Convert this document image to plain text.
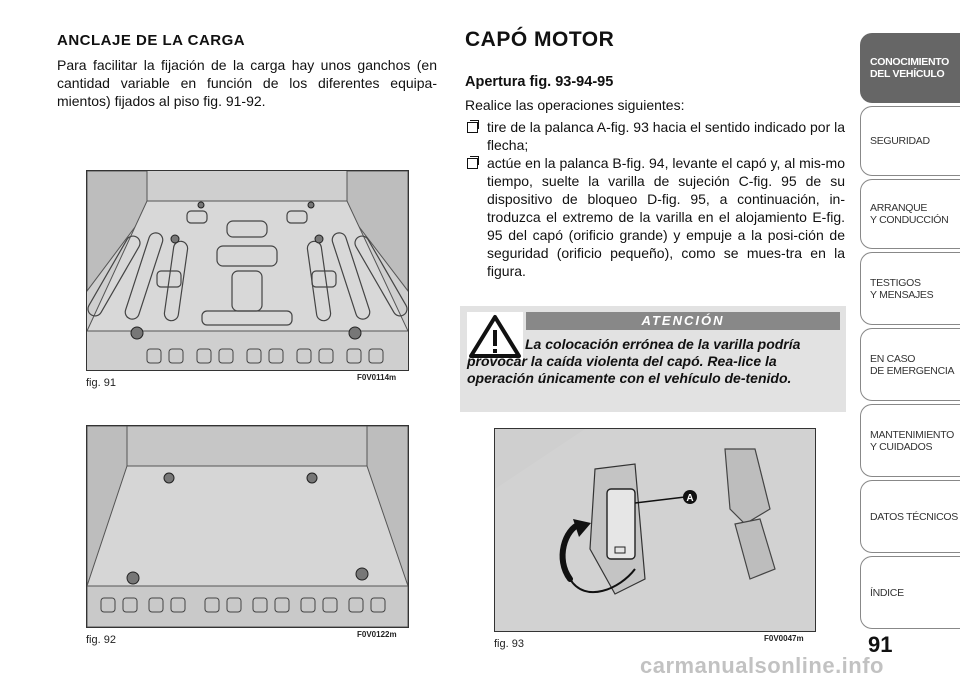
ANCLAJE DE LA CARGA
Para facilitar la fijación de la carga hay unos ganchos (en cantidad variable en función de los diferentes equipa-mientos) fijados al piso fig. 91-92.
fig. 91	F0V0114m
fig. 92	F0V0122m
CAPÓ MOTOR
Apertura fig. 93-94-95
Realice las operaciones siguientes:
tire de la palanca A-fig. 93 hacia el sentido indicado por la flecha;
actúe en la palanca B-fig. 94, levante el capó y, al mis-mo tiempo, suelte la varilla de sujeción C-fig. 95 de su dispositivo de bloqueo D-fig. 95, a continuación, in-troduzca el extremo de la varilla en el alojamiento E-fig. 95 del capó (orificio grande) y empuje a la posi-ción de seguridad (orificio pequeño), como se mues-tra en la figura.
ATENCIÓN
La colocación errónea de la varilla podría provocar la caída violenta del capó. Rea-lice la operación únicamente con el vehículo de-tenido.
A
fig. 93	F0V0047m
CONOCIMIENTO
DEL VEHÍCULO
SEGURIDAD
ARRANQUE
Y CONDUCCIÓN
TESTIGOS
Y MENSAJES
EN CASO
DE EMERGENCIA
MANTENIMIENTO
Y CUIDADOS
DATOS TÉCNICOS
ÍNDICE
91
carmanualsonline.info
